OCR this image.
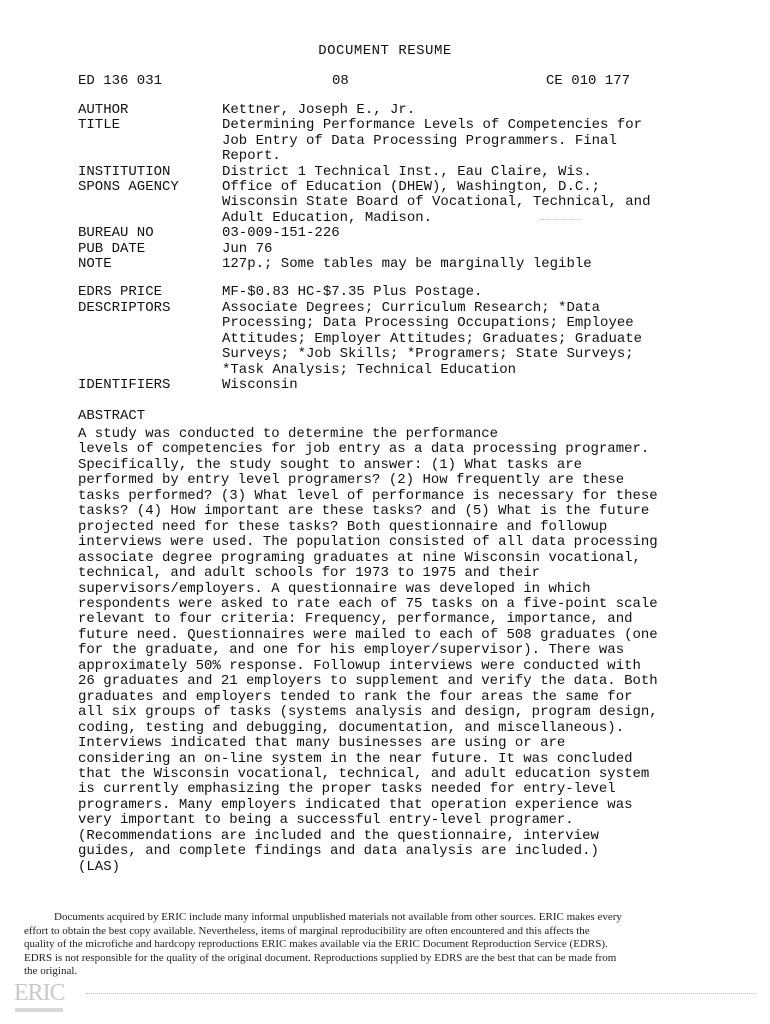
DOCUMENT RESUME
ED 136 031	08	CE 010 177
AUTHOR	Kettner, Joseph E., Jr.
TITLE	Determining Performance Levels of Competencies for
Job Entry of Data Processing Programmers. Final
Report.
INSTITUTION	District 1 Technical Inst., Eau Claire, Wis.
SPONS AGENCY	Office of Education (DHEW), Washington, D.C.;
Wisconsin State Board of Vocational, Technical, and
Adult Education, Madison.
BUREAU NO	03-009-151-226
PUB DATE	Jun 76
NOTE	127p.; Some tables may be marginally legible
EDRS PRICE	MF-$0.83 HC-$7.35 Plus Postage.
DESCRIPTORS	Associate Degrees; Curriculum Research; *Data
Processing; Data Processing Occupations; Employee
Attitudes; Employer Attitudes; Graduates; Graduate
Surveys; *Job Skills; *Programers; State Surveys;
*Task Analysis; Technical Education
IDENTIFIERS	Wisconsin
ABSTRACT
A study was conducted to determine the performance
levels of competencies for job entry as a data processing programer.
Specifically, the study sought to answer: (1) What tasks are
performed by entry level programers? (2) How frequently are these
tasks performed? (3) What level of performance is necessary for these
tasks? (4) How important are these tasks? and (5) What is the future
projected need for these tasks? Both questionnaire and followup
interviews were used. The population consisted of all data processing
associate degree programing graduates at nine Wisconsin vocational,
technical, and adult schools for 1973 to 1975 and their
supervisors/employers. A questionnaire was developed in which
respondents were asked to rate each of 75 tasks on a five-point scale
relevant to four criteria: Frequency, performance, importance, and
future need. Questionnaires were mailed to each of 508 graduates (one
for the graduate, and one for his employer/supervisor). There was
approximately 50% response. Followup interviews were conducted with
26 graduates and 21 employers to supplement and verify the data. Both
graduates and employers tended to rank the four areas the same for
all six groups of tasks (systems analysis and design, program design,
coding, testing and debugging, documentation, and miscellaneous).
Interviews indicated that many businesses are using or are
considering an on-line system in the near future. It was concluded
that the Wisconsin vocational, technical, and adult education system
is currently emphasizing the proper tasks needed for entry-level
programers. Many employers indicated that operation experience was
very important to being a successful entry-level programer.
(Recommendations are included and the questionnaire, interview
guides, and complete findings and data analysis are included.)
(LAS)
Documents acquired by ERIC include many informal unpublished materials not available from other sources. ERIC makes every
effort to obtain the best copy available. Nevertheless, items of marginal reproducibility are often encountered and this affects the
quality of the microfiche and hardcopy reproductions ERIC makes available via the ERIC Document Reproduction Service (EDRS).
EDRS is not responsible for the quality of the original document. Reproductions supplied by EDRS are the best that can be made from
the original.
ERIC
